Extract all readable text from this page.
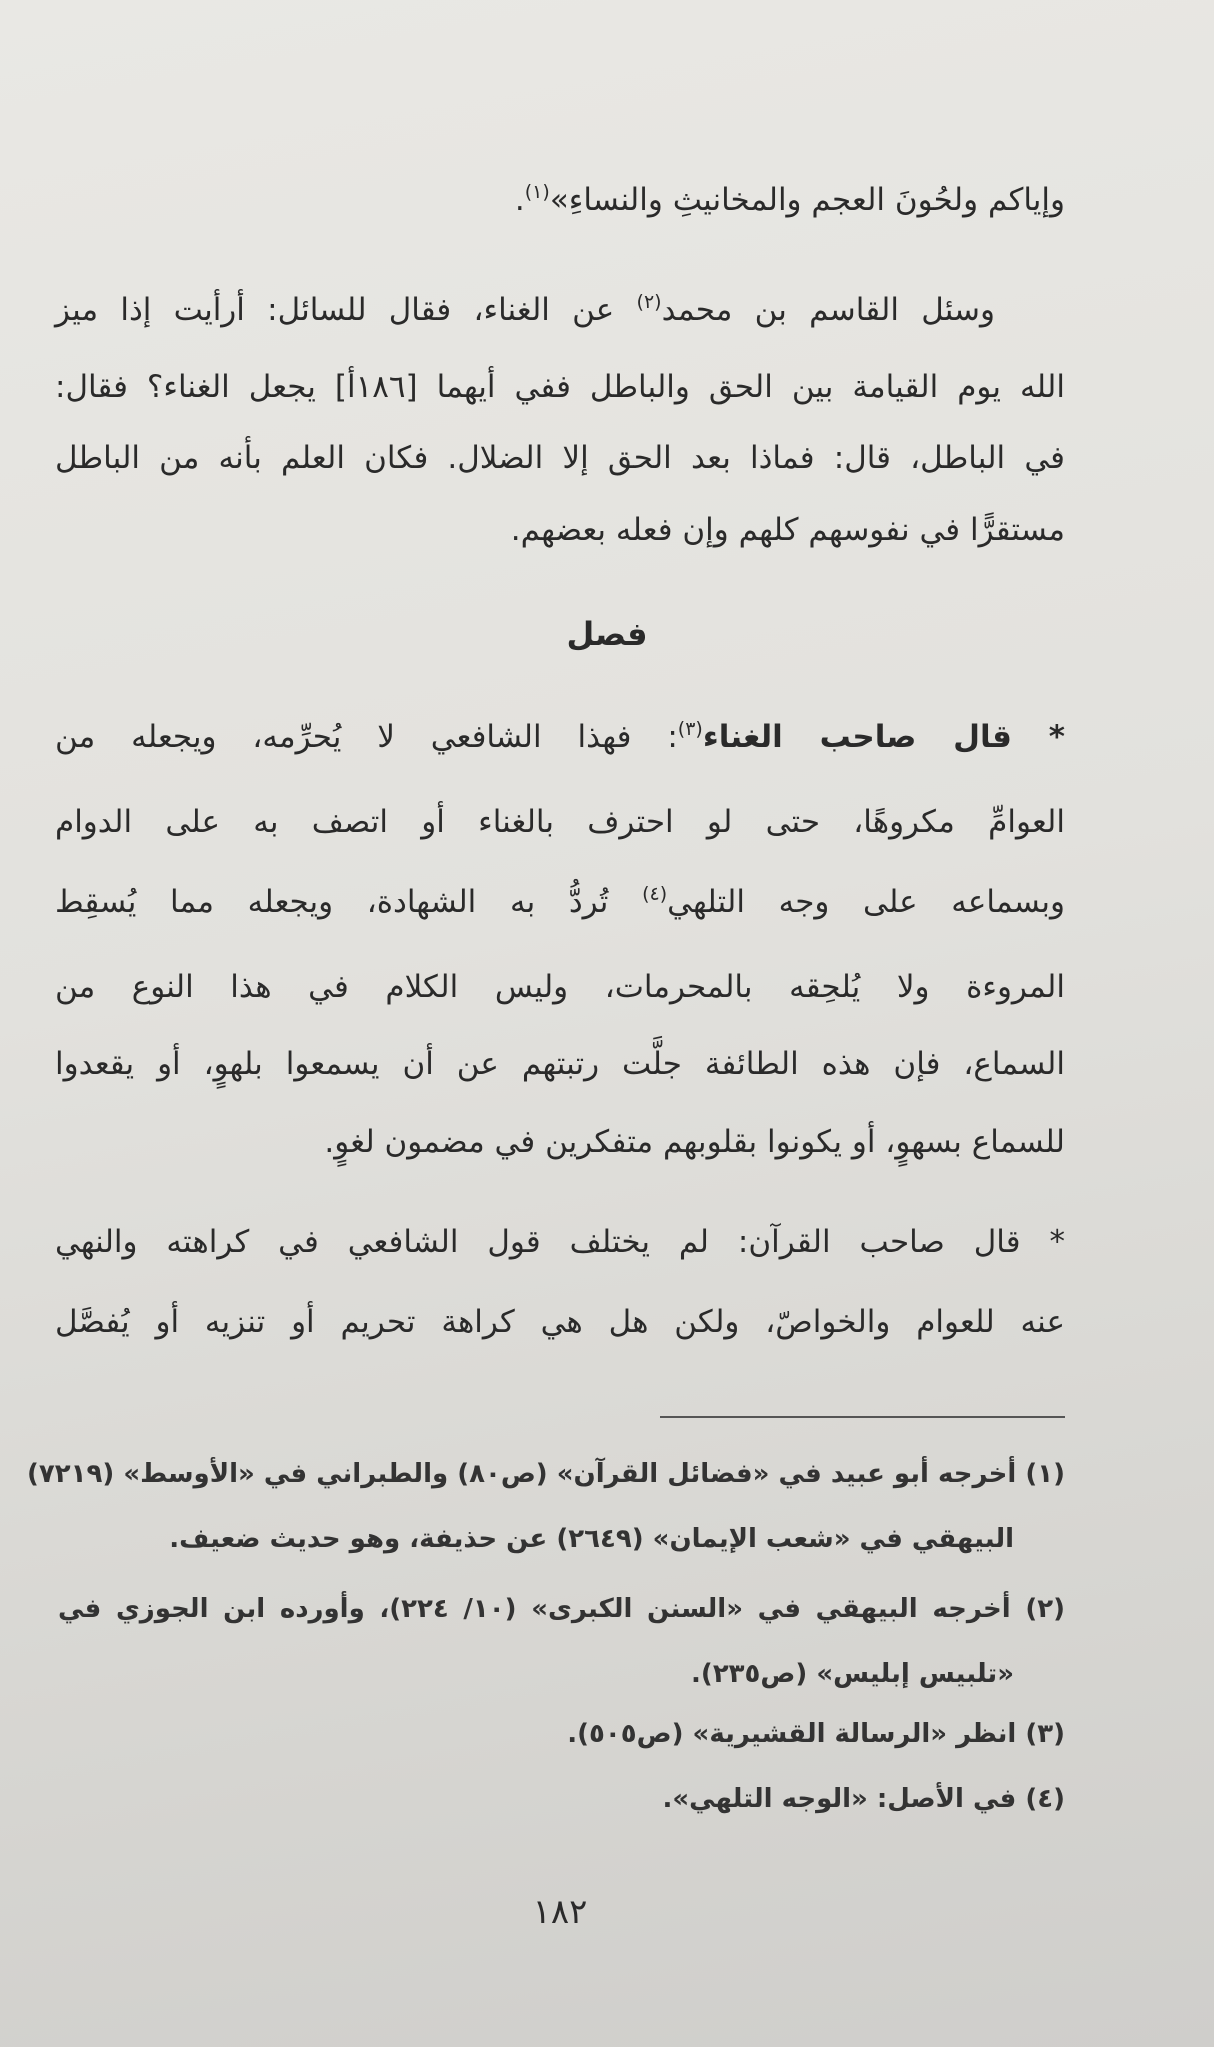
وإياكم ولحُونَ العجم والمخانيثِ والنساءِ»$^{(١)}$.
وسئل القاسم بن محمد$^{(٢)}$ عن الغناء، فقال للسائل: أرأيت إذا ميز
الله يوم القيامة بين الحق والباطل ففي أيهما [١٨٦أ] يجعل الغناء؟ فقال:
في الباطل، قال: فماذا بعد الحق إلا الضلال. فكان العلم بأنه من الباطل
مستقرًّا في نفوسهم كلهم وإن فعله بعضهم.
فصل
* قال صاحب الغناء$^{(٣)}$: فهذا الشافعي لا يُحرِّمه، ويجعله من
العوامِّ مكروهًا، حتى لو احترف بالغناء أو اتصف به على الدوام
وبسماعه على وجه التلهي$^{(٤)}$ تُردُّ به الشهادة، ويجعله مما يُسقِط
المروءة ولا يُلحِقه بالمحرمات، وليس الكلام في هذا النوع من
السماع، فإن هذه الطائفة جلَّت رتبتهم عن أن يسمعوا بلهوٍ، أو يقعدوا
للسماع بسهوٍ، أو يكونوا بقلوبهم متفكرين في مضمون لغوٍ.
* قال صاحب القرآن: لم يختلف قول الشافعي في كراهته والنهي
عنه للعوام والخواصّ، ولكن هل هي كراهة تحريم أو تنزيه أو يُفصَّل
(١) أخرجه أبو عبيد في «فضائل القرآن» (ص٨٠) والطبراني في «الأوسط» (٧٢١٩)
البيهقي في «شعب الإيمان» (٢٦٤٩) عن حذيفة، وهو حديث ضعيف.
(٢) أخرجه البيهقي في «السنن الكبرى» (١٠/ ٢٢٤)، وأورده ابن الجوزي في
«تلبيس إبليس» (ص٢٣٥).
(٣) انظر «الرسالة القشيرية» (ص٥٠٥).
(٤) في الأصل: «الوجه التلهي».
١٨٢
